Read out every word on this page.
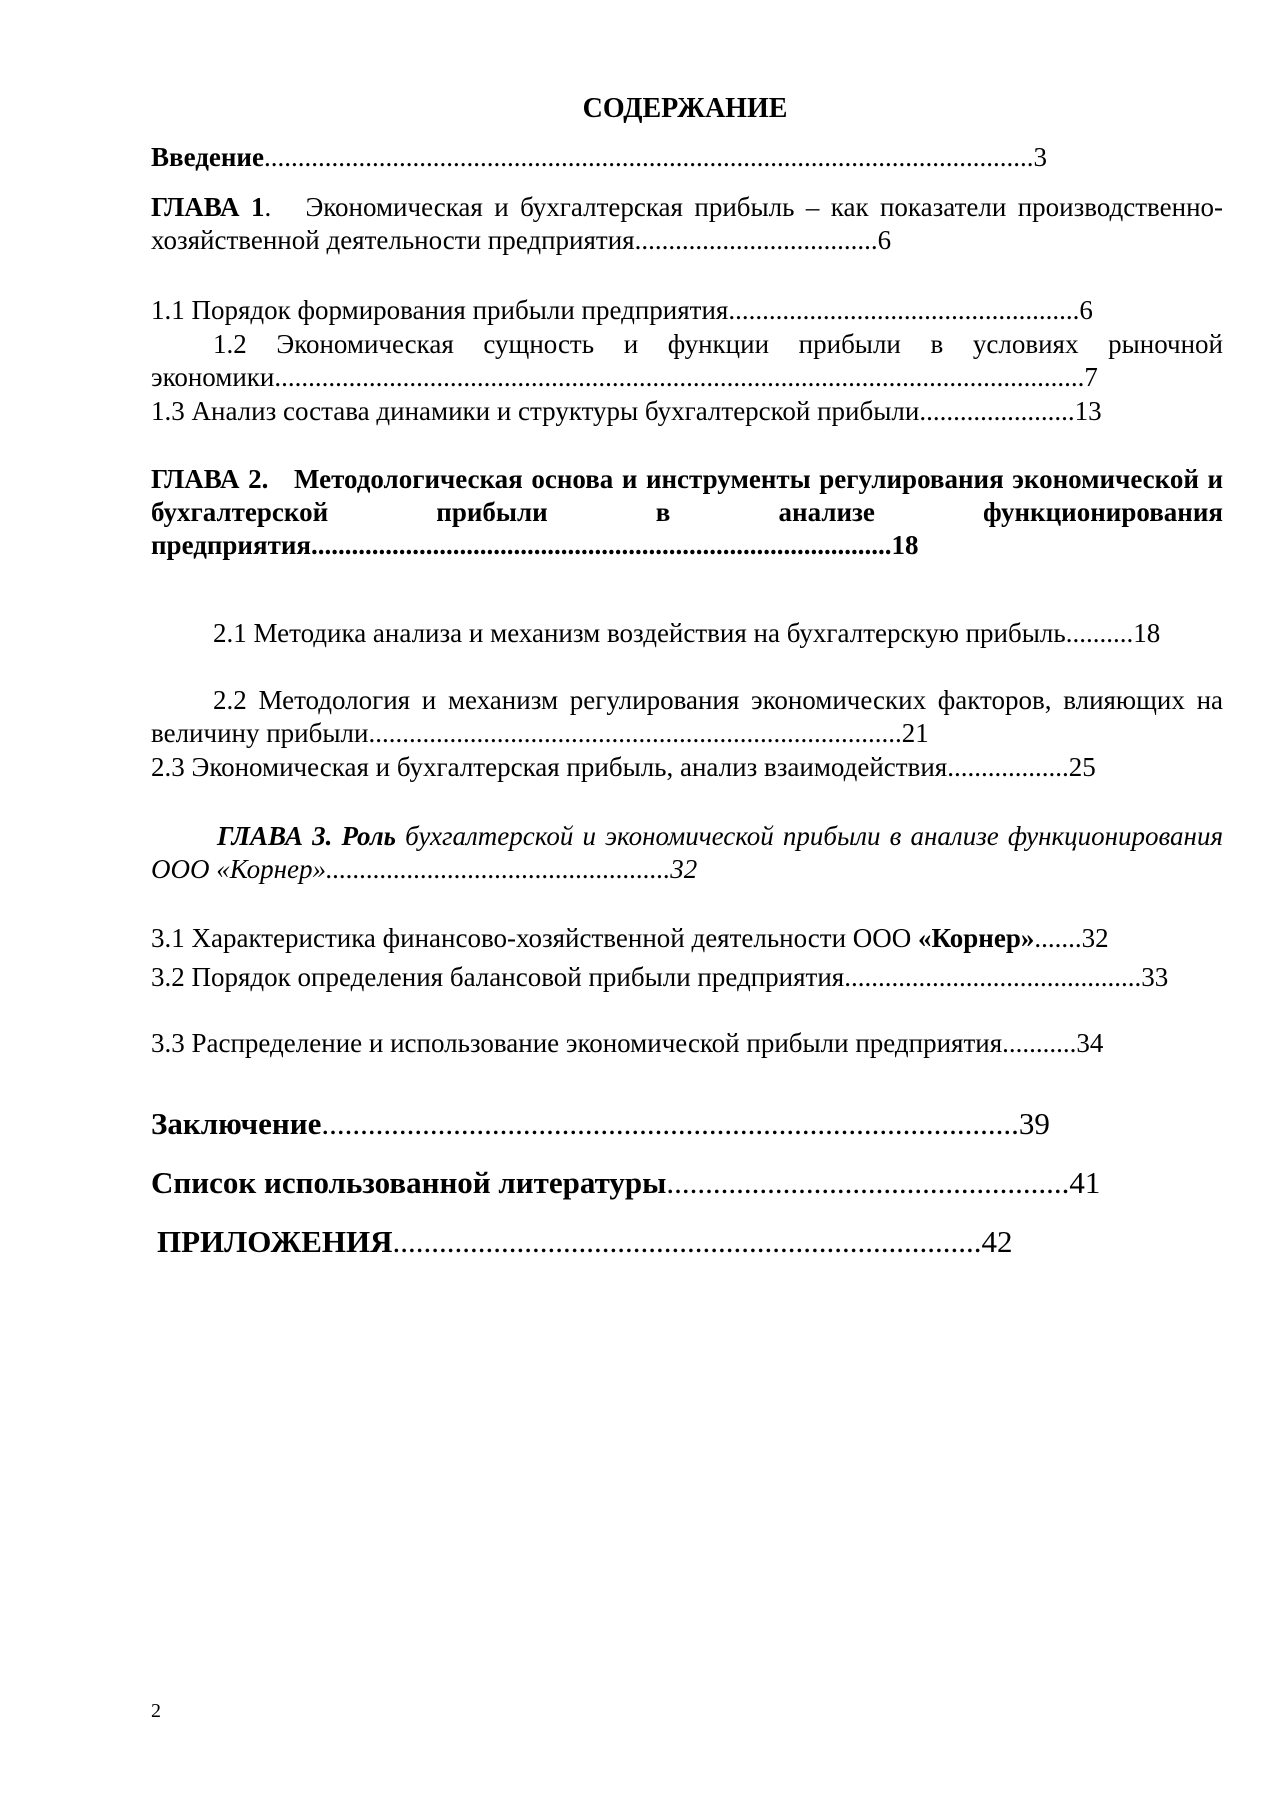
СОДЕРЖАНИЕ
Введение..................................................................................................................3
ГЛАВА 1. Экономическая и бухгалтерская прибыль – как показатели производственно-хозяйственной деятельности предприятия....................................6
1.1 Порядок формирования прибыли предприятия....................................................6
1.2 Экономическая сущность и функции прибыли в условиях рыночной экономики........................................................................................................................7
1.3 Анализ состава динамики и структуры бухгалтерской прибыли.......................13
ГЛАВА 2. Методологическая основа и инструменты регулирования экономической и бухгалтерской прибыли в анализе функционирования предприятия......................................................................................18
2.1 Методика анализа и механизм воздействия на бухгалтерскую прибыль..........18
2.2 Методология и механизм регулирования экономических факторов, влияющих на величину прибыли...............................................................................21
2.3 Экономическая и бухгалтерская прибыль, анализ взаимодействия..................25
ГЛАВА 3. Роль бухгалтерской и экономической прибыли в анализе функционирования ООО «Корнер»...................................................32
3.1 Характеристика финансово-хозяйственной деятельности ООО «Корнер».......32
3.2 Порядок определения балансовой прибыли предприятия............................................33
3.3 Распределение и использование экономической прибыли предприятия...........34
Заключение..........................................................................................39
Список использованной литературы....................................................41
ПРИЛОЖЕНИЯ............................................................................42
2
